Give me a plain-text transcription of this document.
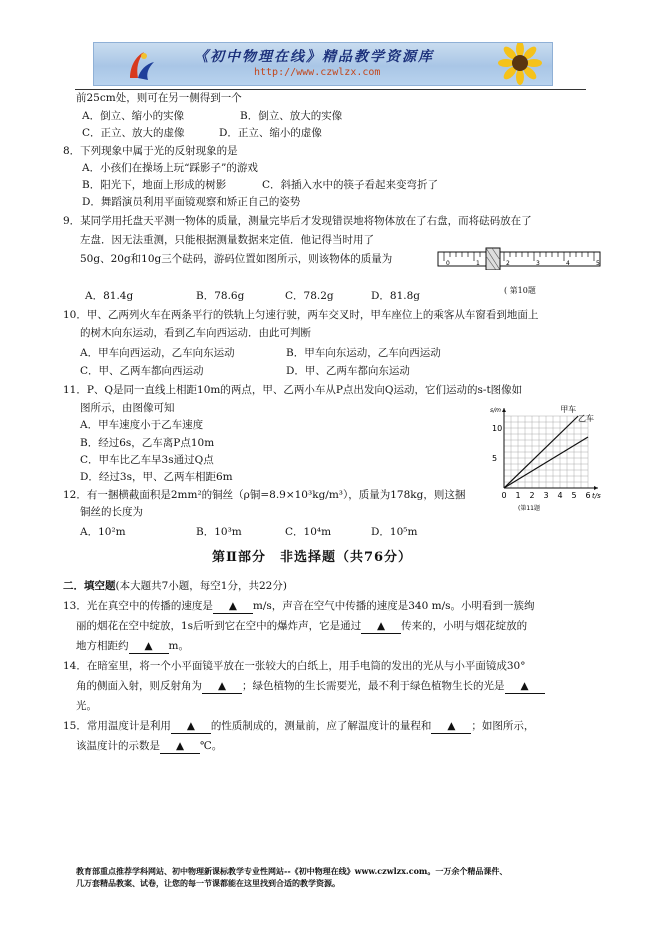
《初中物理在线》精品教学资源库
http://www.czwlzx.com
前25cm处，则可在另一侧得到一个
A．倒立、缩小的实像	B．倒立、放大的实像
C．正立、放大的虚像	D．正立、缩小的虚像
8．下列现象中属于光的反射现象的是
A．小孩们在操场上玩“踩影子”的游戏
B．阳光下，地面上形成的树影	C．斜插入水中的筷子看起来变弯折了
D．舞蹈演员利用平面镜观察和矫正自己的姿势
9．某同学用托盘天平测一物体的质量，测量完毕后才发现错误地将物体放在了右盘，而将砝码放在了
左盘．因无法重测，只能根据测量数据来定值．他记得当时用了
50g、20g和10g三个砝码，游码位置如图所示，则该物体的质量为	0	1	2	3	4	5
( 第10题
A．81.4g	B．78.6g	C．78.2g	D．81.8g
10．甲、乙两列火车在两条平行的铁轨上匀速行驶，两车交叉时，甲车座位上的乘客从车窗看到地面上
的树木向东运动，看到乙车向西运动．由此可判断
A．甲车向西运动，乙车向东运动	B．甲车向东运动，乙车向西运动
C．甲、乙两车都向西运动	D．甲、乙两车都向东运动
11．P、Q是同一直线上相距10m的两点，甲、乙两小车从P点出发向Q运动，它们运动的s-t图像如
图所示，由图像可知
A．甲车速度小于乙车速度
B．经过6s，乙车离P点10m
C．甲车比乙车早3s通过Q点
D．经过3s，甲、乙两车相距6m
0 1 2 3 4 5 6
5
10
t/s
s/m	甲车
乙车
(第11题
12．有一捆横截面积是2mm²的铜丝（ρ铜=8.9×10³kg/m³），质量为178kg，则这捆
铜丝的长度为
A．10²m	B．10³m	C．10⁴m	D．10⁵m
第Ⅱ部分　非选择题（共76分）
二．填空题(本大题共7小题，每空1分，共22分)
13．光在真空中的传播的速度是 ▲ m/s，声音在空气中传播的速度是340 m/s。小明看到一簇绚
丽的烟花在空中绽放，1s后听到它在空中的爆炸声，它是通过 ▲ 传来的，小明与烟花绽放的
地方相距约 ▲ m。
14．在暗室里，将一个小平面镜平放在一张较大的白纸上，用手电筒的发出的光从与小平面镜成30°
角的侧面入射，则反射角为 ▲ ；绿色植物的生长需要光，最不利于绿色植物生长的光是 ▲
光。
15．常用温度计是利用 ▲ 的性质制成的，测量前，应了解温度计的量程和 ▲ ；如图所示，
该温度计的示数是 ▲ ℃。
教育部重点推荐学科网站、初中物理新课标教学专业性网站--《初中物理在线》www.czwlzx.com。一万余个精品课件、
几万套精品教案、试卷，让您的每一节课都能在这里找到合适的教学资源。
